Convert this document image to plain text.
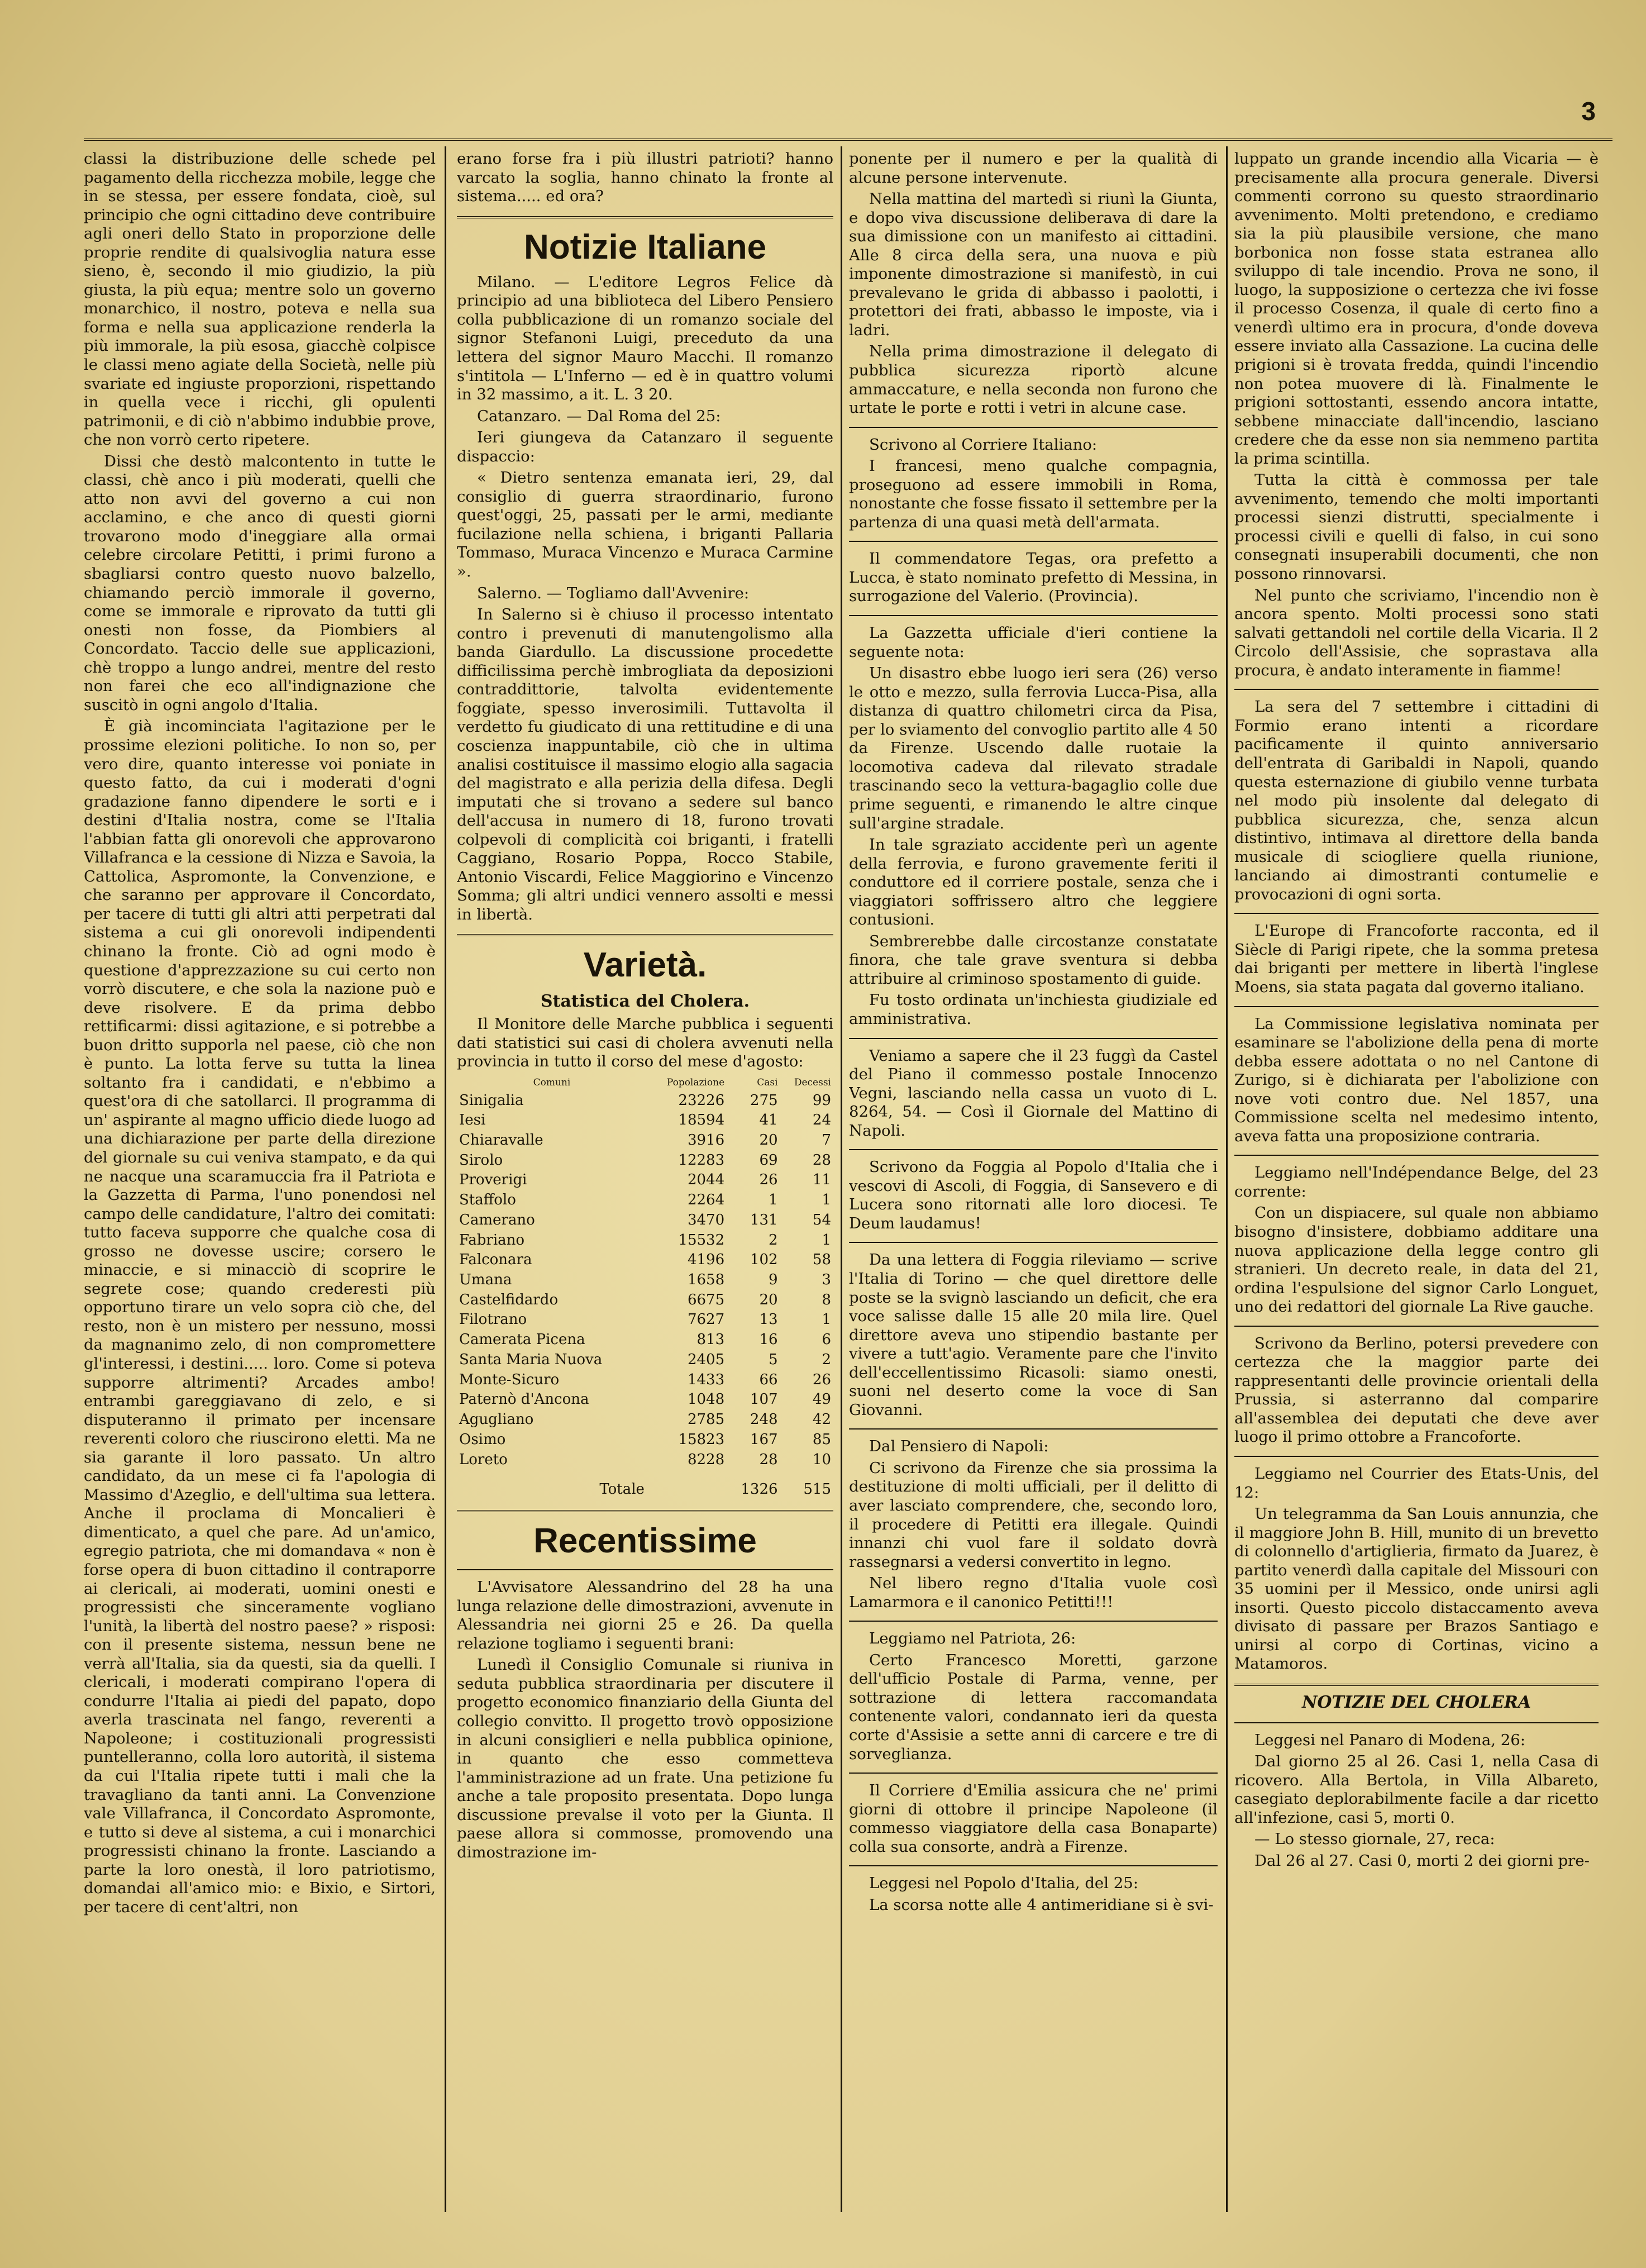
3

classi la distribuzione delle schede pel pagamento della ricchezza mobile, legge che in se stessa, per essere fondata, cioè, sul principio che ogni cittadino deve contribuire agli oneri dello Stato in proporzione delle proprie rendite di qualsivoglia natura esse sieno, è, secondo il mio giudizio, la più giusta, la più equa; mentre solo un governo monarchico, il nostro, poteva e nella sua forma e nella sua applicazione renderla la più immorale, la più esosa, giacchè colpisce le classi meno agiate della Società, nelle più svariate ed ingiuste proporzioni, rispettando in quella vece i ricchi, gli opulenti patrimonii, e di ciò n'abbimo indubbie prove, che non vorrò certo ripetere.

Dissi che destò malcontento in tutte le classi, chè anco i più moderati, quelli che atto non avvi del governo a cui non acclamino, e che anco di questi giorni trovarono modo d'ineggiare alla ormai celebre circolare Petitti, i primi furono a sbagliarsi contro questo nuovo balzello, chiamando perciò immorale il governo, come se immorale e riprovato da tutti gli onesti non fosse, da Piombiers al Concordato. Taccio delle sue applicazioni, chè troppo a lungo andrei, mentre del resto non farei che eco all'indignazione che suscitò in ogni angolo d'Italia.

È già incominciata l'agitazione per le prossime elezioni politiche. Io non so, per vero dire, quanto interesse voi poniate in questo fatto, da cui i moderati d'ogni gradazione fanno dipendere le sorti e i destini d'Italia nostra, come se l'Italia l'abbian fatta gli onorevoli che approvarono Villafranca e la cessione di Nizza e Savoia, la Cattolica, Aspromonte, la Convenzione, e che saranno per approvare il Concordato, per tacere di tutti gli altri atti perpetrati dal sistema a cui gli onorevoli indipendenti chinano la fronte. Ciò ad ogni modo è questione d'apprezzazione su cui certo non vorrò discutere, e che sola la nazione può e deve risolvere. E da prima debbo rettificarmi: dissi agitazione, e si potrebbe a buon dritto supporla nel paese, ciò che non è punto. La lotta ferve su tutta la linea soltanto fra i candidati, e n'ebbimo a quest'ora di che satollarci. Il programma di un' aspirante al magno ufficio diede luogo ad una dichiarazione per parte della direzione del giornale su cui veniva stampato, e da qui ne nacque una scaramuccia fra il Patriota e la Gazzetta di Parma, l'uno ponendosi nel campo delle candidature, l'altro dei comitati: tutto faceva supporre che qualche cosa di grosso ne dovesse uscire; corsero le minaccie, e si minacciò di scoprire le segrete cose; quando crederesti più opportuno tirare un velo sopra ciò che, del resto, non è un mistero per nessuno, mossi da magnanimo zelo, di non compromettere gl'interessi, i destini..... loro. Come si poteva supporre altrimenti? Arcades ambo! entrambi gareggiavano di zelo, e si disputeranno il primato per incensare reverenti coloro che riuscirono eletti. Ma ne sia garante il loro passato. Un altro candidato, da un mese ci fa l'apologia di Massimo d'Azeglio, e dell'ultima sua lettera. Anche il proclama di Moncalieri è dimenticato, a quel che pare. Ad un'amico, egregio patriota, che mi domandava « non è forse opera di buon cittadino il contraporre ai clericali, ai moderati, uomini onesti e progressisti che sinceramente vogliano l'unità, la libertà del nostro paese? » risposi: con il presente sistema, nessun bene ne verrà all'Italia, sia da questi, sia da quelli. I clericali, i moderati compirano l'opera di condurre l'Italia ai piedi del papato, dopo averla trascinata nel fango, reverenti a Napoleone; i costituzionali progressisti puntelleranno, colla loro autorità, il sistema da cui l'Italia ripete tutti i mali che la travagliano da tanti anni. La Convenzione vale Villafranca, il Concordato Aspromonte, e tutto si deve al sistema, a cui i monarchici progressisti chinano la fronte. Lasciando a parte la loro onestà, il loro patriotismo, domandai all'amico mio: e Bixio, e Sirtori, per tacere di cent'altri, non

erano forse fra i più illustri patrioti? hanno varcato la soglia, hanno chinato la fronte al sistema..... ed ora?

Notizie Italiane

Milano. — L'editore Legros Felice dà principio ad una biblioteca del Libero Pensiero colla pubblicazione di un romanzo sociale del signor Stefanoni Luigi, preceduto da una lettera del signor Mauro Macchi. Il romanzo s'intitola — L'Inferno — ed è in quattro volumi in 32 massimo, a it. L. 3 20.

Catanzaro. — Dal Roma del 25:

Ieri giungeva da Catanzaro il seguente dispaccio:

« Dietro sentenza emanata ieri, 29, dal consiglio di guerra straordinario, furono quest'oggi, 25, passati per le armi, mediante fucilazione nella schiena, i briganti Pallaria Tommaso, Muraca Vincenzo e Muraca Carmine ».

Salerno. — Togliamo dall'Avvenire:

In Salerno si è chiuso il processo intentato contro i prevenuti di manutengolismo alla banda Giardullo. La discussione procedette difficilissima perchè imbrogliata da deposizioni contraddittorie, talvolta evidentemente foggiate, spesso inverosimili. Tuttavolta il verdetto fu giudicato di una rettitudine e di una coscienza inappuntabile, ciò che in ultima analisi costituisce il massimo elogio alla sagacia del magistrato e alla perizia della difesa. Degli imputati che si trovano a sedere sul banco dell'accusa in numero di 18, furono trovati colpevoli di complicità coi briganti, i fratelli Caggiano, Rosario Poppa, Rocco Stabile, Antonio Viscardi, Felice Maggiorino e Vincenzo Somma; gli altri undici vennero assolti e messi in libertà.

Varietà.
Statistica del Cholera.

Il Monitore delle Marche pubblica i seguenti dati statistici sui casi di cholera avvenuti nella provincia in tutto il corso del mese d'agosto:

Comuni	Popolazione	Casi	Decessi
Sinigalia	23226	275	99
Iesi	18594	41	24
Chiaravalle	3916	20	7
Sirolo	12283	69	28
Proverigi	2044	26	11
Staffolo	2264	1	1
Camerano	3470	131	54
Fabriano	15532	2	1
Falconara	4196	102	58
Umana	1658	9	3
Castelfidardo	6675	20	8
Filotrano	7627	13	1
Camerata Picena	813	16	6
Santa Maria Nuova	2405	5	2
Monte-Sicuro	1433	66	26
Paternò d'Ancona	1048	107	49
Agugliano	2785	248	42
Osimo	15823	167	85
Loreto	8228	28	10
Totale		1326	515
Recentissime

L'Avvisatore Alessandrino del 28 ha una lunga relazione delle dimostrazioni, avvenute in Alessandria nei giorni 25 e 26. Da quella relazione togliamo i seguenti brani:

Lunedì il Consiglio Comunale si riuniva in seduta pubblica straordinaria per discutere il progetto economico finanziario della Giunta del collegio convitto. Il progetto trovò opposizione in alcuni consiglieri e nella pubblica opinione, in quanto che esso commetteva l'amministrazione ad un frate. Una petizione fu anche a tale proposito presentata. Dopo lunga discussione prevalse il voto per la Giunta. Il paese allora si commosse, promovendo una dimostrazione im-

ponente per il numero e per la qualità di alcune persone intervenute.

Nella mattina del martedì si riunì la Giunta, e dopo viva discussione deliberava di dare la sua dimissione con un manifesto ai cittadini. Alle 8 circa della sera, una nuova e più imponente dimostrazione si manifestò, in cui prevalevano le grida di abbasso i paolotti, i protettori dei frati, abbasso le imposte, via i ladri.

Nella prima dimostrazione il delegato di pubblica sicurezza riportò alcune ammaccature, e nella seconda non furono che urtate le porte e rotti i vetri in alcune case.

Scrivono al Corriere Italiano:

I francesi, meno qualche compagnia, proseguono ad essere immobili in Roma, nonostante che fosse fissato il settembre per la partenza di una quasi metà dell'armata.

Il commendatore Tegas, ora prefetto a Lucca, è stato nominato prefetto di Messina, in surrogazione del Valerio. (Provincia).

La Gazzetta ufficiale d'ieri contiene la seguente nota:

Un disastro ebbe luogo ieri sera (26) verso le otto e mezzo, sulla ferrovia Lucca-Pisa, alla distanza di quattro chilometri circa da Pisa, per lo sviamento del convoglio partito alle 4 50 da Firenze. Uscendo dalle ruotaie la locomotiva cadeva dal rilevato stradale trascinando seco la vettura-bagaglio colle due prime seguenti, e rimanendo le altre cinque sull'argine stradale.

In tale sgraziato accidente perì un agente della ferrovia, e furono gravemente feriti il conduttore ed il corriere postale, senza che i viaggiatori soffrissero altro che leggiere contusioni.

Sembrerebbe dalle circostanze constatate finora, che tale grave sventura si debba attribuire al criminoso spostamento di guide.

Fu tosto ordinata un'inchiesta giudiziale ed amministrativa.

Veniamo a sapere che il 23 fuggì da Castel del Piano il commesso postale Innocenzo Vegni, lasciando nella cassa un vuoto di L. 8264, 54. — Così il Giornale del Mattino di Napoli.

Scrivono da Foggia al Popolo d'Italia che i vescovi di Ascoli, di Foggia, di Sansevero e di Lucera sono ritornati alle loro diocesi. Te Deum laudamus!

Da una lettera di Foggia rileviamo — scrive l'Italia di Torino — che quel direttore delle poste se la svignò lasciando un deficit, che era voce salisse dalle 15 alle 20 mila lire. Quel direttore aveva uno stipendio bastante per vivere a tutt'agio. Veramente pare che l'invito dell'eccellentissimo Ricasoli: siamo onesti, suoni nel deserto come la voce di San Giovanni.

Dal Pensiero di Napoli:

Ci scrivono da Firenze che sia prossima la destituzione di molti ufficiali, per il delitto di aver lasciato comprendere, che, secondo loro, il procedere di Petitti era illegale. Quindi innanzi chi vuol fare il soldato dovrà rassegnarsi a vedersi convertito in legno.

Nel libero regno d'Italia vuole così Lamarmora e il canonico Petitti!!!

Leggiamo nel Patriota, 26:

Certo Francesco Moretti, garzone dell'ufficio Postale di Parma, venne, per sottrazione di lettera raccomandata contenente valori, condannato ieri da questa corte d'Assisie a sette anni di carcere e tre di sorveglianza.

Il Corriere d'Emilia assicura che ne' primi giorni di ottobre il principe Napoleone (il commesso viaggiatore della casa Bonaparte) colla sua consorte, andrà a Firenze.

Leggesi nel Popolo d'Italia, del 25:

La scorsa notte alle 4 antimeridiane si è svi-

luppato un grande incendio alla Vicaria — è precisamente alla procura generale. Diversi commenti corrono su questo straordinario avvenimento. Molti pretendono, e crediamo sia la più plausibile versione, che mano borbonica non fosse stata estranea allo sviluppo di tale incendio. Prova ne sono, il luogo, la supposizione o certezza che ivi fosse il processo Cosenza, il quale di certo fino a venerdì ultimo era in procura, d'onde doveva essere inviato alla Cassazione. La cucina delle prigioni si è trovata fredda, quindi l'incendio non potea muovere di là. Finalmente le prigioni sottostanti, essendo ancora intatte, sebbene minacciate dall'incendio, lasciano credere che da esse non sia nemmeno partita la prima scintilla.

Tutta la città è commossa per tale avvenimento, temendo che molti importanti processi sienzi distrutti, specialmente i processi civili e quelli di falso, in cui sono consegnati insuperabili documenti, che non possono rinnovarsi.

Nel punto che scriviamo, l'incendio non è ancora spento. Molti processi sono stati salvati gettandoli nel cortile della Vicaria. Il 2 Circolo dell'Assisie, che soprastava alla procura, è andato interamente in fiamme!

La sera del 7 settembre i cittadini di Formio erano intenti a ricordare pacificamente il quinto anniversario dell'entrata di Garibaldi in Napoli, quando questa esternazione di giubilo venne turbata nel modo più insolente dal delegato di pubblica sicurezza, che, senza alcun distintivo, intimava al direttore della banda musicale di sciogliere quella riunione, lanciando ai dimostranti contumelie e provocazioni di ogni sorta.

L'Europe di Francoforte racconta, ed il Siècle di Parigi ripete, che la somma pretesa dai briganti per mettere in libertà l'inglese Moens, sia stata pagata dal governo italiano.

La Commissione legislativa nominata per esaminare se l'abolizione della pena di morte debba essere adottata o no nel Cantone di Zurigo, si è dichiarata per l'abolizione con nove voti contro due. Nel 1857, una Commissione scelta nel medesimo intento, aveva fatta una proposizione contraria.

Leggiamo nell'Indépendance Belge, del 23 corrente:

Con un dispiacere, sul quale non abbiamo bisogno d'insistere, dobbiamo additare una nuova applicazione della legge contro gli stranieri. Un decreto reale, in data del 21, ordina l'espulsione del signor Carlo Longuet, uno dei redattori del giornale La Rive gauche.

Scrivono da Berlino, potersi prevedere con certezza che la maggior parte dei rappresentanti delle provincie orientali della Prussia, si asterranno dal comparire all'assemblea dei deputati che deve aver luogo il primo ottobre a Francoforte.

Leggiamo nel Courrier des Etats-Unis, del 12:

Un telegramma da San Louis annunzia, che il maggiore John B. Hill, munito di un brevetto di colonnello d'artiglieria, firmato da Juarez, è partito venerdì dalla capitale del Missouri con 35 uomini per il Messico, onde unirsi agli insorti. Questo piccolo distaccamento aveva divisato di passare per Brazos Santiago e unirsi al corpo di Cortinas, vicino a Matamoros.

NOTIZIE DEL CHOLERA

Leggesi nel Panaro di Modena, 26:

Dal giorno 25 al 26. Casi 1, nella Casa di ricovero. Alla Bertola, in Villa Albareto, casegiato deplorabilmente facile a dar ricetto all'infezione, casi 5, morti 0.

— Lo stesso giornale, 27, reca:

Dal 26 al 27. Casi 0, morti 2 dei giorni pre-
